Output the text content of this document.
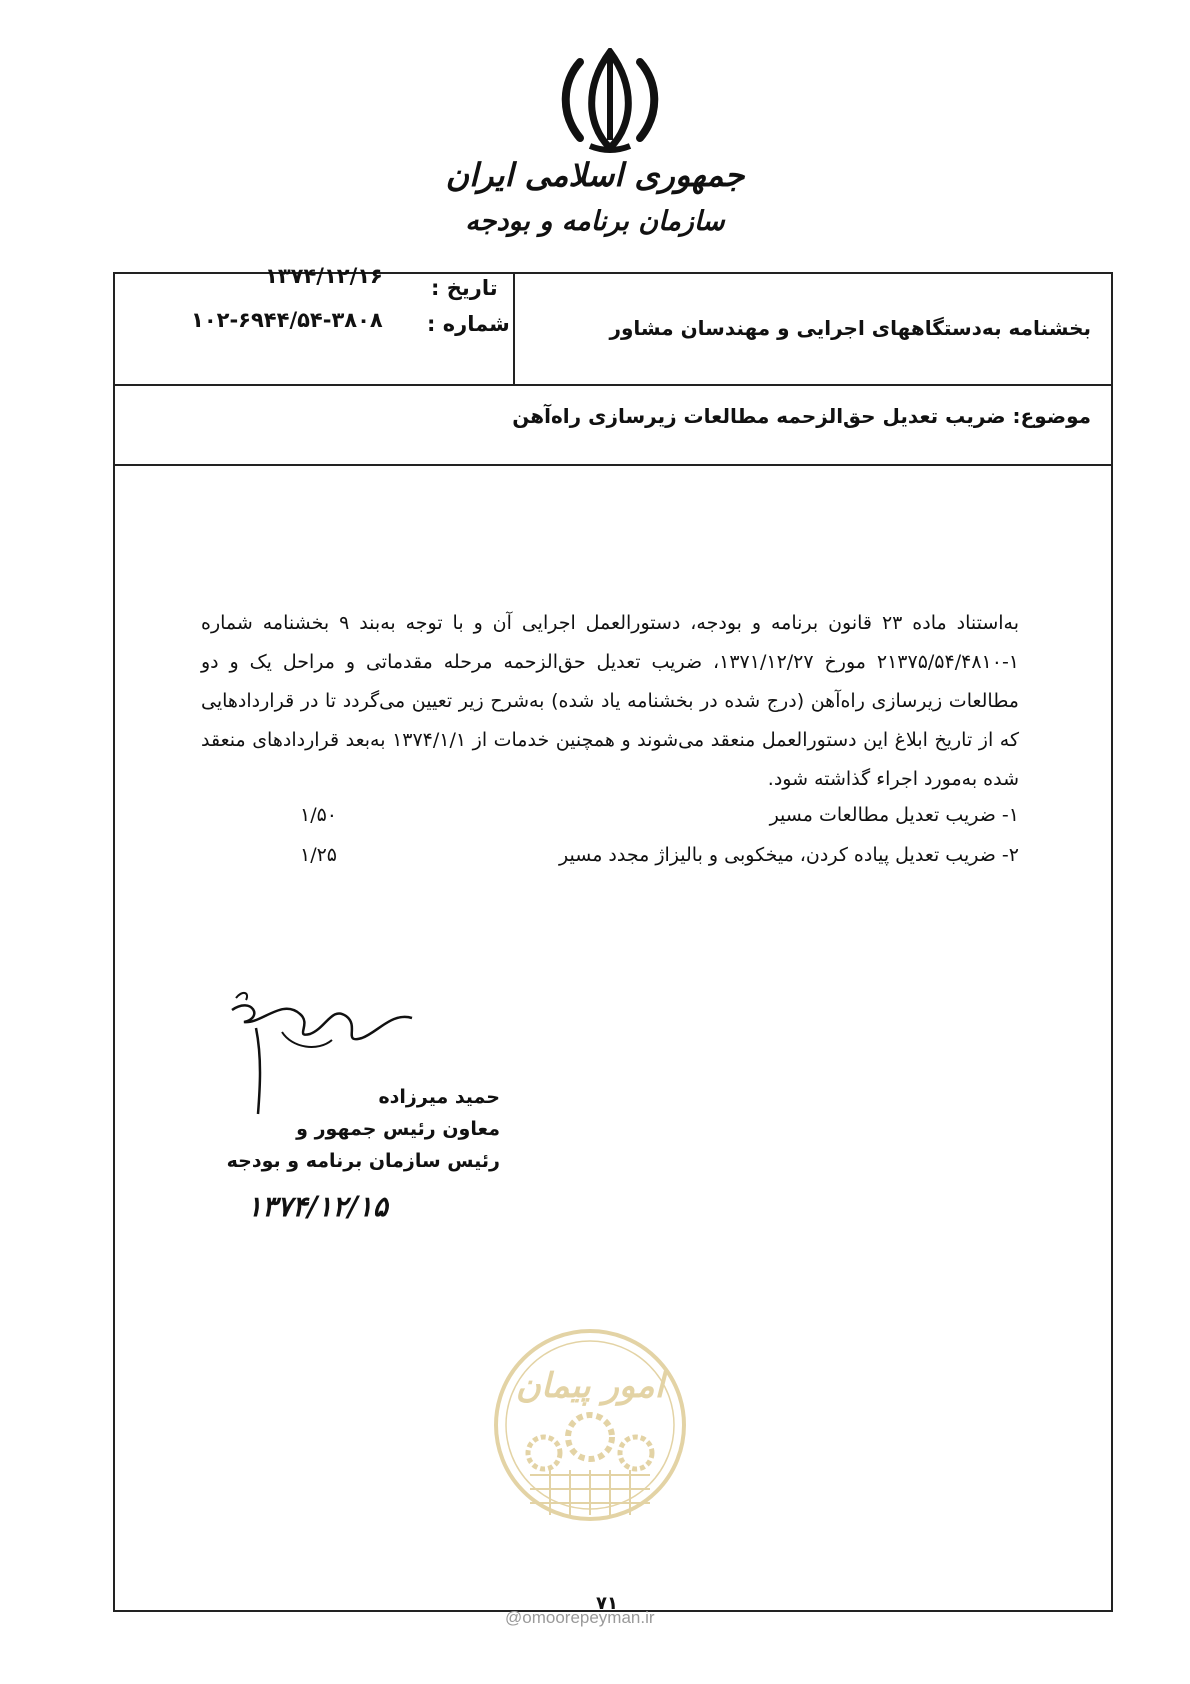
جمهوری اسلامی ایران
سازمان برنامه و بودجه
بخشنامه به‌دستگاههای اجرایی و مهندسان مشاور
تاریخ :
۱۳۷۴/۱۲/۱۶
شماره :
۱۰۲-۶۹۴۴/۵۴-۳۸۰۸
موضوع: ضریب تعدیل حق‌الزحمه مطالعات زیرسازی راه‌آهن
به‌استناد ماده ۲۳ قانون برنامه و بودجه، دستورالعمل اجرایی آن و با توجه به‌بند ۹ بخشنامه شماره ۱-۲۱۳۷۵/۵۴/۴۸۱۰ مورخ ۱۳۷۱/۱۲/۲۷، ضریب تعدیل حق‌الزحمه مرحله مقدماتی و مراحل یک و دو مطالعات زیرسازی راه‌آهن (درج شده در بخشنامه یاد شده) به‌شرح زیر تعیین می‌گردد تا در قراردادهایی که از تاریخ ابلاغ این دستورالعمل منعقد می‌شوند و همچنین خدمات از ۱۳۷۴/۱/۱ به‌بعد قراردادهای منعقد شده به‌مورد اجراء گذاشته شود.
۱- ضریب تعدیل مطالعات مسیر
۱/۵۰
۲- ضریب تعدیل پیاده کردن، میخکوبی و بالیزاژ مجدد مسیر
۱/۲۵
حمید میرزاده
معاون رئیس جمهور و
رئیس سازمان برنامه و بودجه
۱۳۷۴/۱۲/۱۵
امور پیمان
۷۱
@omoorepeyman.ir
